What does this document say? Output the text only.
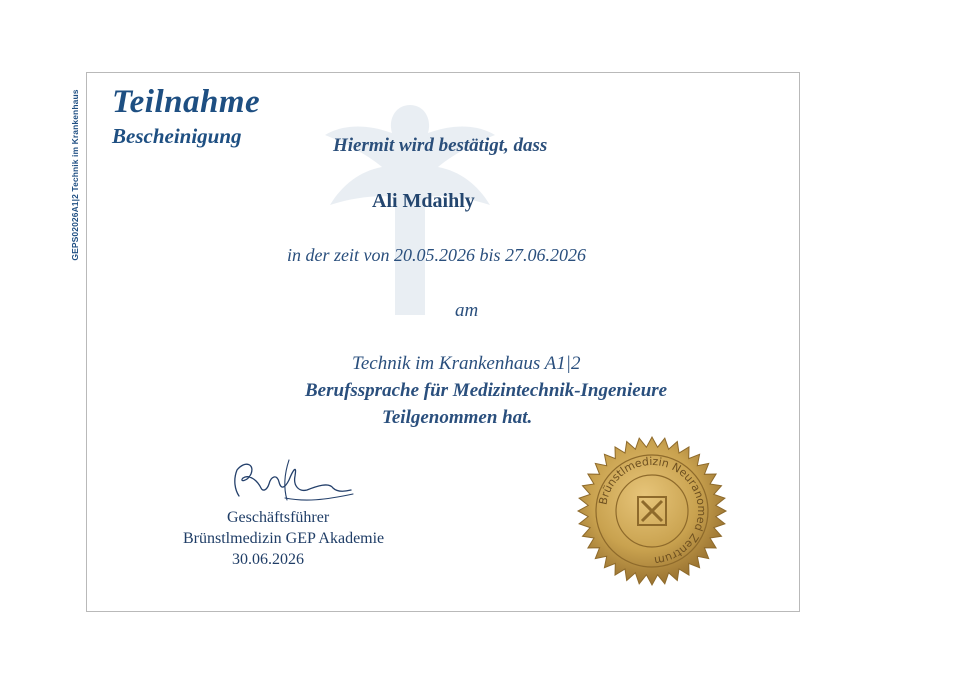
GEPS02026A1|2 Technik im Krankenhaus Teilnahme
Bescheinigung	Hiermit wird bestätigt, dass
Ali Mdaihly
in der zeit von 20.05.2026 bis 27.06.2026
am
Technik im Krankenhaus A1|2
Berufssprache für Medizintechnik-Ingenieure
Teilgenommen hat.
Geschäftsführer
Brünstlmedizin GEP Akademie
30.06.2026
Brünstlmedizin Neuranomed Zentrum
